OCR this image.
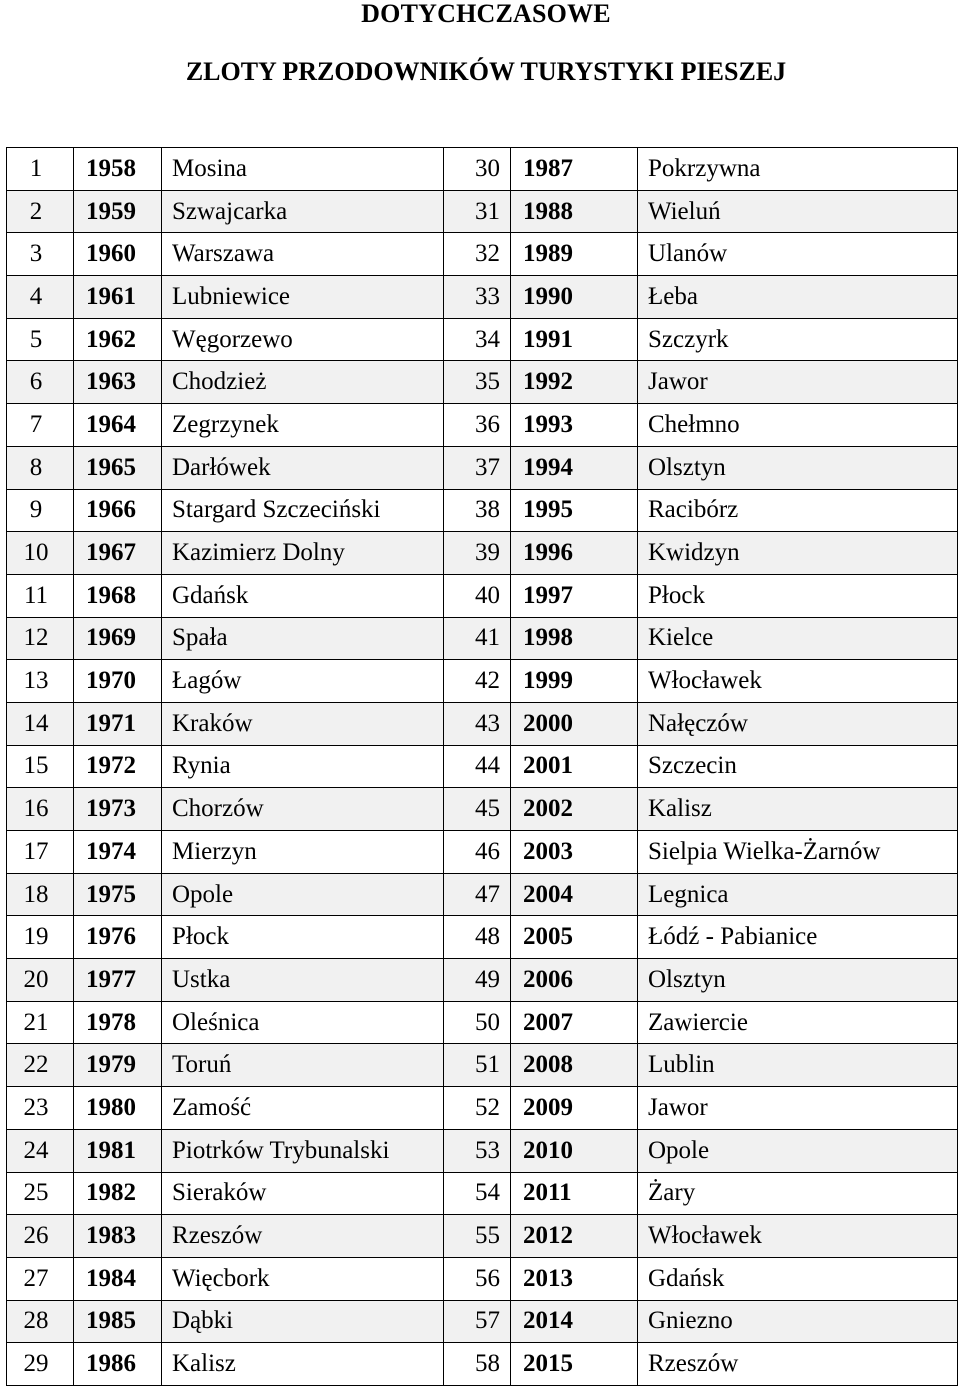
DOTYCHCZASOWE
ZLOTY PRZODOWNIKÓW TURYSTYKI PIESZEJ
1	1958	Mosina	30	1987	Pokrzywna
2	1959	Szwajcarka	31	1988	Wieluń
3	1960	Warszawa	32	1989	Ulanów
4	1961	Lubniewice	33	1990	Łeba
5	1962	Węgorzewo	34	1991	Szczyrk
6	1963	Chodzież	35	1992	Jawor
7	1964	Zegrzynek	36	1993	Chełmno
8	1965	Darłówek	37	1994	Olsztyn
9	1966	Stargard Szczeciński	38	1995	Racibórz
10	1967	Kazimierz Dolny	39	1996	Kwidzyn
11	1968	Gdańsk	40	1997	Płock
12	1969	Spała	41	1998	Kielce
13	1970	Łagów	42	1999	Włocławek
14	1971	Kraków	43	2000	Nałęczów
15	1972	Rynia	44	2001	Szczecin
16	1973	Chorzów	45	2002	Kalisz
17	1974	Mierzyn	46	2003	Sielpia Wielka-Żarnów
18	1975	Opole	47	2004	Legnica
19	1976	Płock	48	2005	Łódź - Pabianice
20	1977	Ustka	49	2006	Olsztyn
21	1978	Oleśnica	50	2007	Zawiercie
22	1979	Toruń	51	2008	Lublin
23	1980	Zamość	52	2009	Jawor
24	1981	Piotrków Trybunalski	53	2010	Opole
25	1982	Sieraków	54	2011	Żary
26	1983	Rzeszów	55	2012	Włocławek
27	1984	Więcbork	56	2013	Gdańsk
28	1985	Dąbki	57	2014	Gniezno
29	1986	Kalisz	58	2015	Rzeszów
